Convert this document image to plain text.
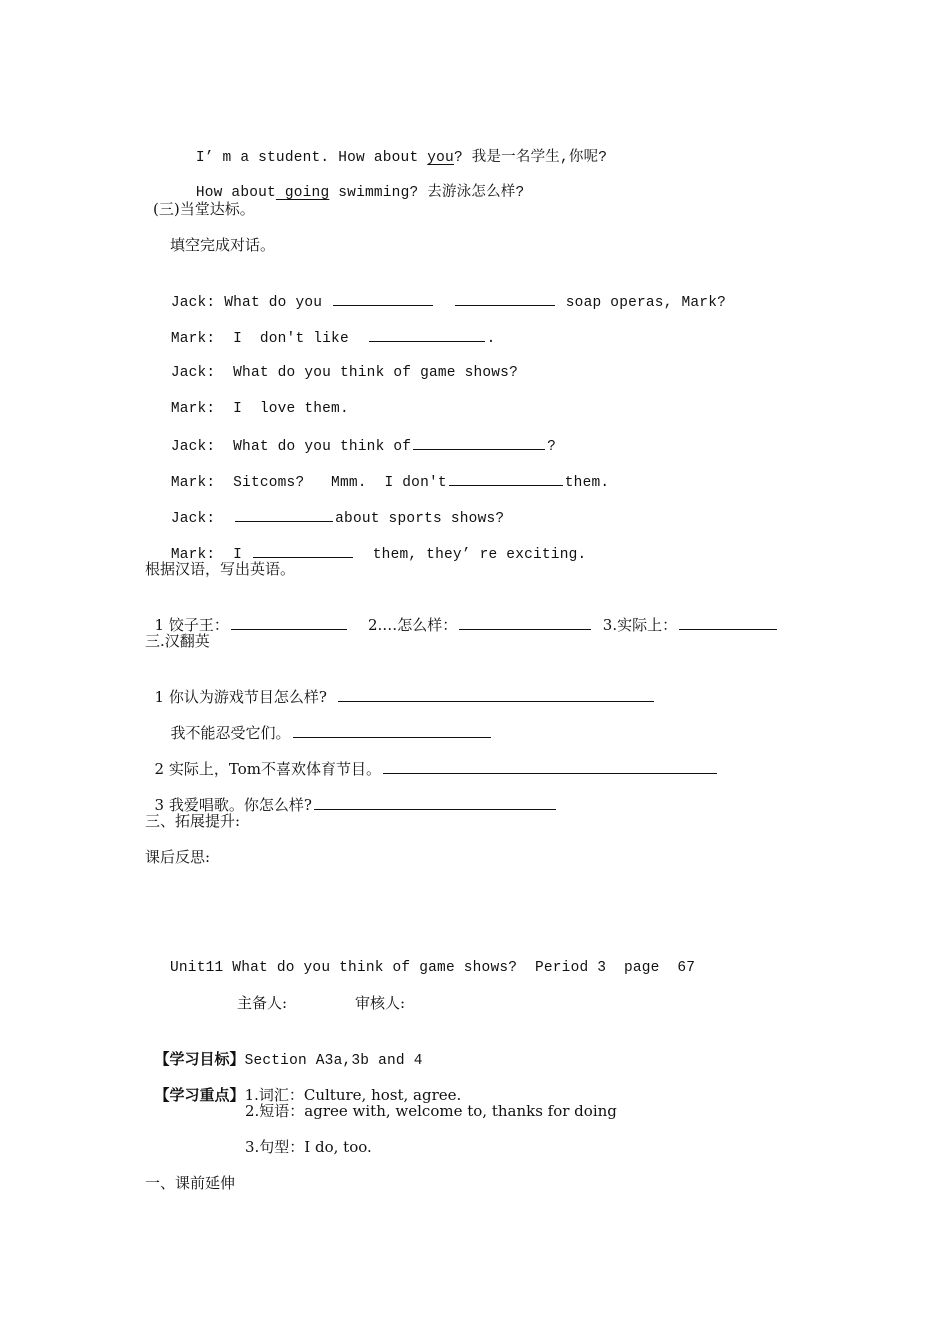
I’ m a student. How about you? 我是一名学生,你呢?

How about going swimming? 去游泳怎么样?

(三)当堂达标。
填空完成对话。

Jack: What do you	soap operas, Mark?

Mark: I  don't like	.

Jack: What do you think of game shows?

Mark: I  love them.

Jack: What do you think of	?

Mark: Sitcoms?   Mmm.  I don't	them.

Jack:	about sports shows?

Mark: I	them, they’ re exciting.

根据汉语，写出英语。

1 饺子王：	2.…怎么样：	3.实际上：

三.汉翻英

1 你认为游戏节目怎么样?

我不能忍受它们。

2 实际上，Tom不喜欢体育节目。

3 我爱唱歌。你怎么样?

三、拓展提升:
课后反思:
Unit11 What do you think of game shows?  Period 3  page  67
主备人:	审核人:

【学习目标】Section A3a,3b and 4

【学习重点】1.词汇：Culture, host, agree.

2.短语：agree with, welcome to, thanks for doing
3.句型：I do, too.
一、课前延伸
